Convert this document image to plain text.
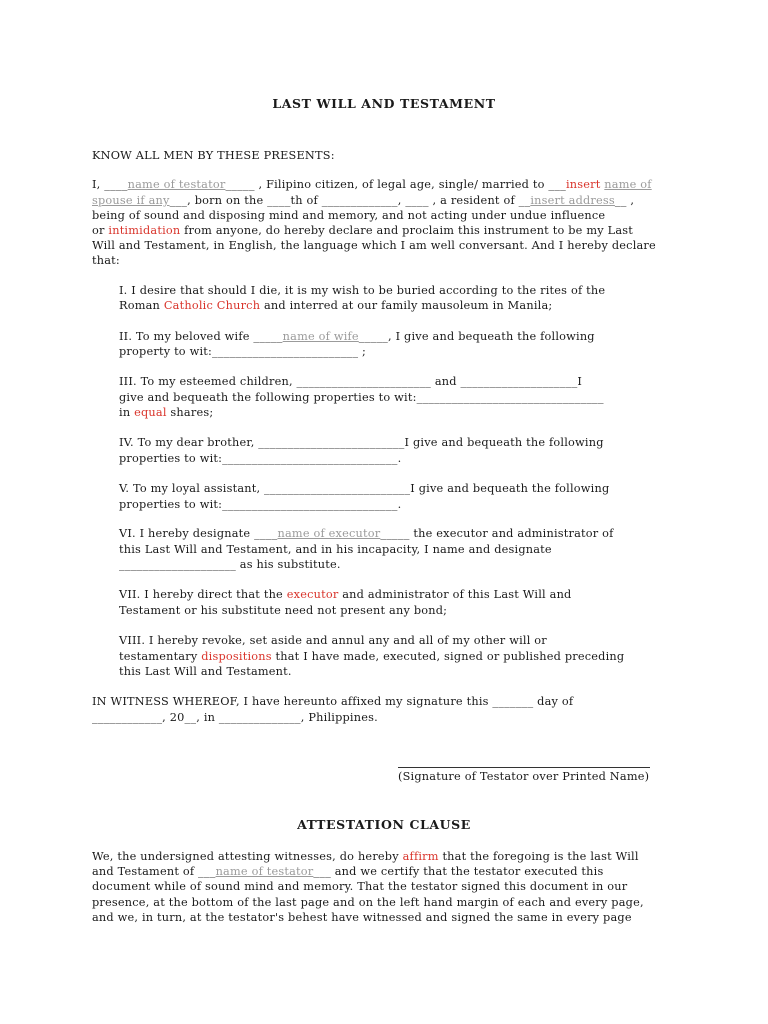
LAST WILL AND TESTAMENT
KNOW ALL MEN BY THESE PRESENTS:
I, ____name of testator_____ , Filipino citizen, of legal age, single/ married to ___insert name of
spouse if any___, born on the ____th of _____________, ____ , a resident of __insert address__ ,
being of sound and disposing mind and memory, and not acting under undue influence
or intimidation from anyone, do hereby declare and proclaim this instrument to be my Last
Will and Testament, in English, the language which I am well conversant. And I hereby declare
that:
I. I desire that should I die, it is my wish to be buried according to the rites of the
Roman Catholic Church and interred at our family mausoleum in Manila;
II. To my beloved wife _____name of wife_____, I give and bequeath the following
property to wit:_________________________ ;
III. To my esteemed children, _______________________ and ____________________I
give and bequeath the following properties to wit:________________________________
in equal shares;
IV. To my dear brother, _________________________I give and bequeath the following
properties to wit:______________________________.
V. To my loyal assistant, _________________________I give and bequeath the following
properties to wit:______________________________.
VI. I hereby designate ____name of executor_____ the executor and administrator of
this Last Will and Testament, and in his incapacity, I name and designate
____________________ as his substitute.
VII. I hereby direct that the executor and administrator of this Last Will and
Testament or his substitute need not present any bond;
VIII. I hereby revoke, set aside and annul any and all of my other will or
testamentary dispositions that I have made, executed, signed or published preceding
this Last Will and Testament.
IN WITNESS WHEREOF, I have hereunto affixed my signature this _______ day of
____________, 20__, in ______________, Philippines.
(Signature of Testator over Printed Name)
ATTESTATION CLAUSE
We, the undersigned attesting witnesses, do hereby affirm that the foregoing is the last Will
and Testament of ___name of testator___ and we certify that the testator executed this
document while of sound mind and memory. That the testator signed this document in our
presence, at the bottom of the last page and on the left hand margin of each and every page,
and we, in turn, at the testator's behest have witnessed and signed the same in every page
